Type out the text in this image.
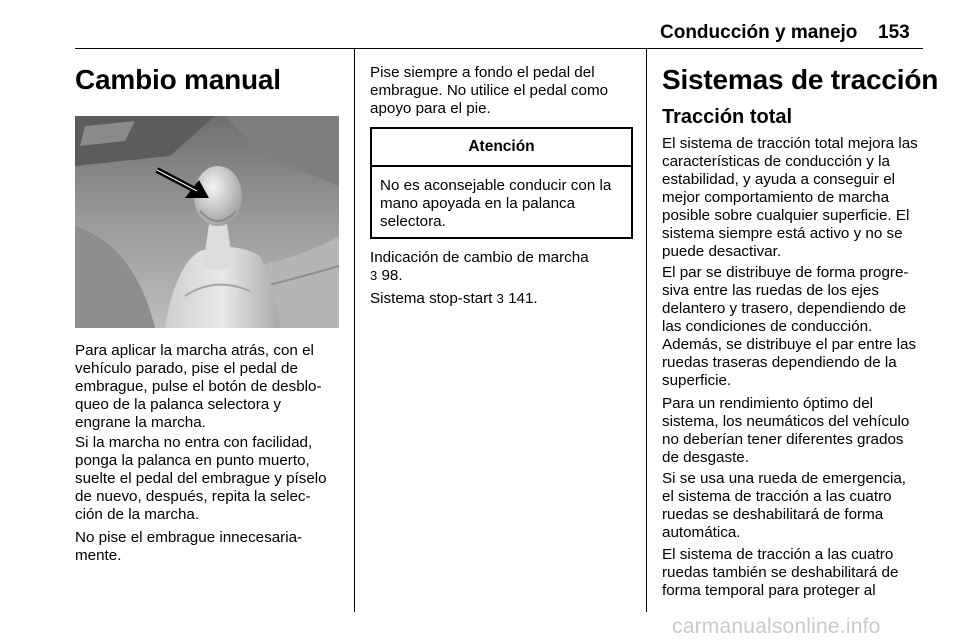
Conducción y manejo 153
Cambio manual
Para aplicar la marcha atrás, con el
vehículo parado, pise el pedal de
embrague, pulse el botón de desblo‐
queo de la palanca selectora y
engrane la marcha.
Si la marcha no entra con facilidad,
ponga la palanca en punto muerto,
suelte el pedal del embrague y píselo
de nuevo, después, repita la selec‐
ción de la marcha.
No pise el embrague innecesaria‐
mente.
Pise siempre a fondo el pedal del
embrague. No utilice el pedal como
apoyo para el pie.
Atención
No es aconsejable conducir con la
mano apoyada en la palanca
selectora.
Indicación de cambio de marcha
3 98.
Sistema stop-start 3 141.
Sistemas de tracción
Tracción total
El sistema de tracción total mejora las
características de conducción y la
estabilidad, y ayuda a conseguir el
mejor comportamiento de marcha
posible sobre cualquier superficie. El
sistema siempre está activo y no se
puede desactivar.
El par se distribuye de forma progre‐
siva entre las ruedas de los ejes
delantero y trasero, dependiendo de
las condiciones de conducción.
Además, se distribuye el par entre las
ruedas traseras dependiendo de la
superficie.
Para un rendimiento óptimo del
sistema, los neumáticos del vehículo
no deberían tener diferentes grados
de desgaste.
Si se usa una rueda de emergencia,
el sistema de tracción a las cuatro
ruedas se deshabilitará de forma
automática.
El sistema de tracción a las cuatro
ruedas también se deshabilitará de
forma temporal para proteger al
carmanualsonline.info
